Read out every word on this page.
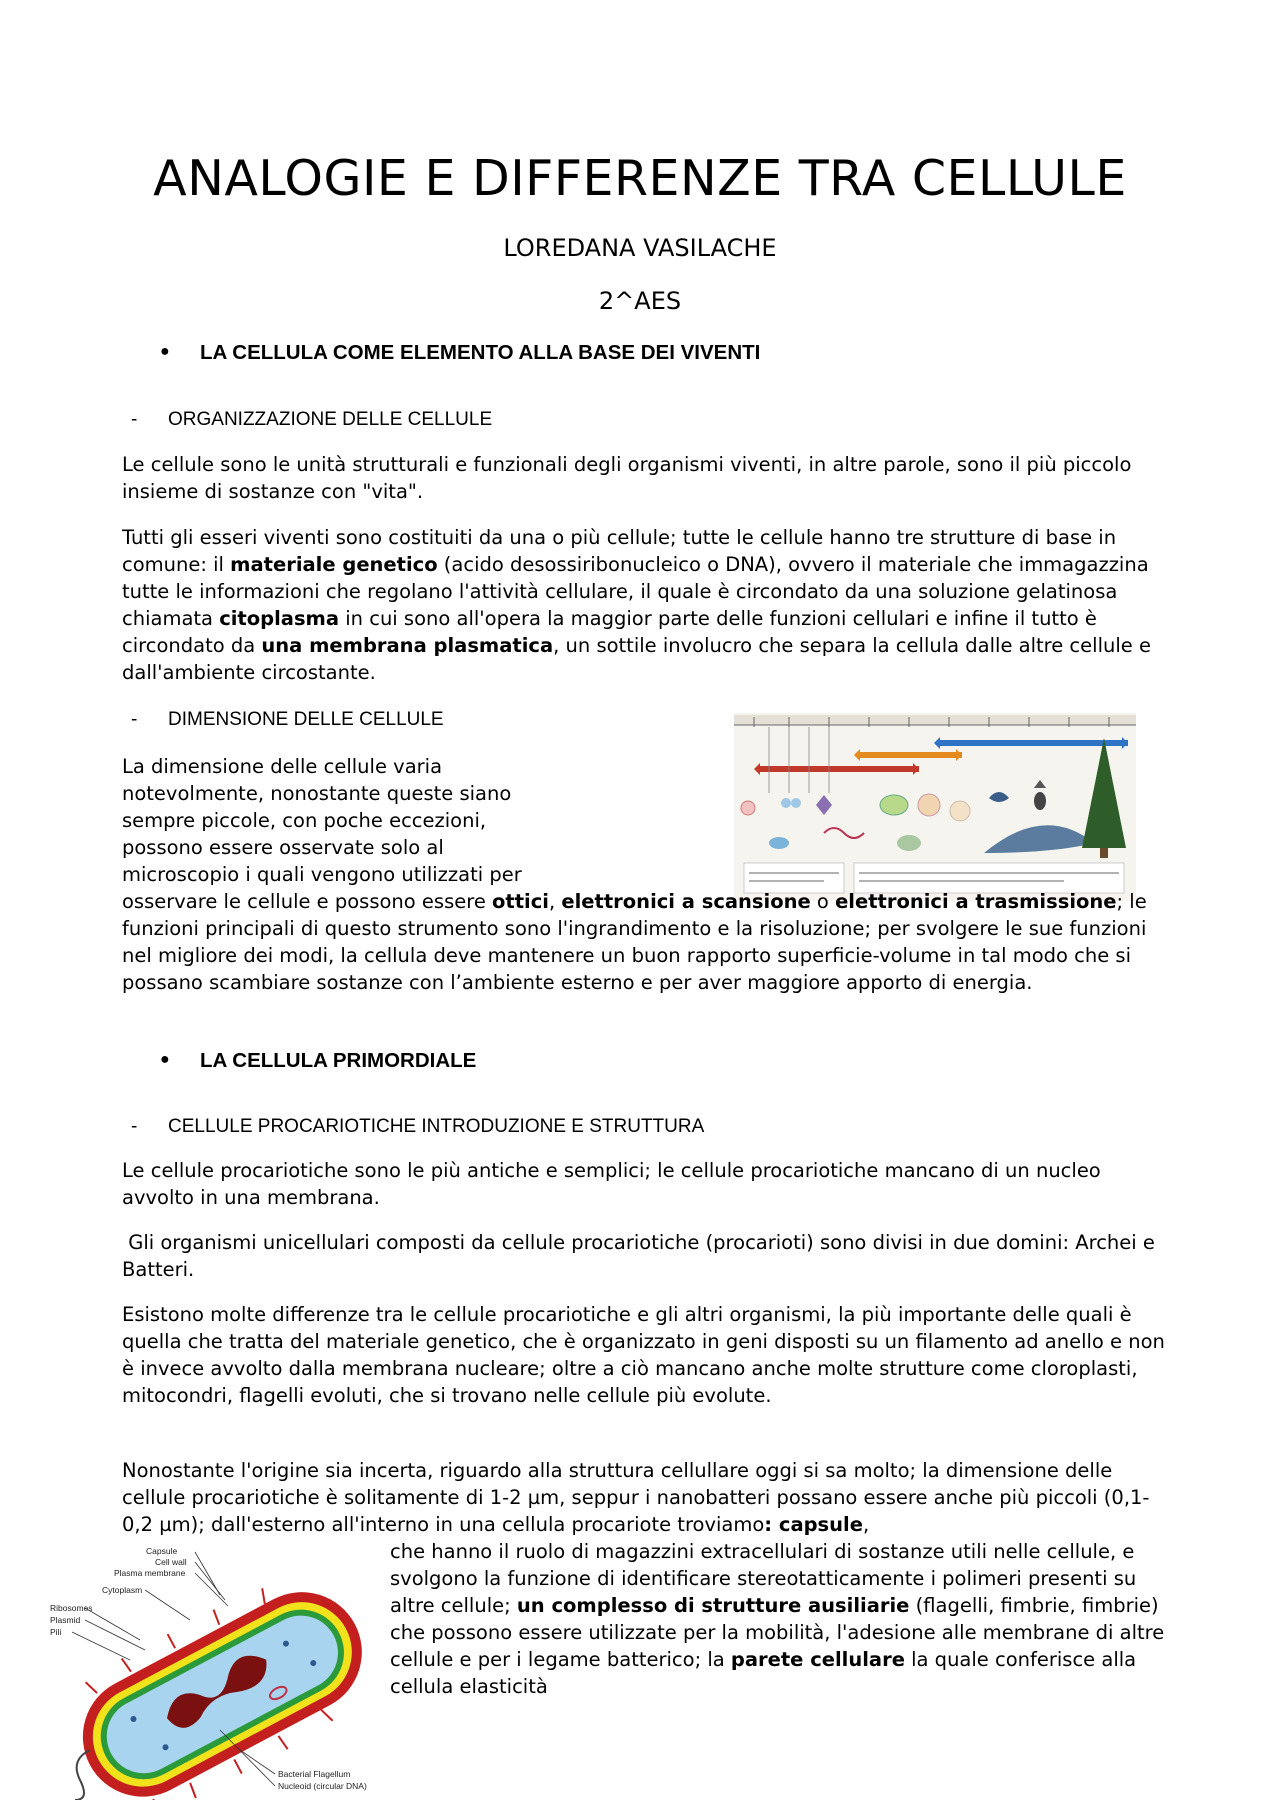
ANALOGIE E DIFFERENZE TRA CELLULE
LOREDANA VASILACHE
2^AES
● LA CELLULA COME ELEMENTO ALLA BASE DEI VIVENTI
- ORGANIZZAZIONE DELLE CELLULE

Le cellule sono le unità strutturali e funzionali degli organismi viventi, in altre parole, sono il più piccolo insieme di sostanze con "vita".

Tutti gli esseri viventi sono costituiti da una o più cellule; tutte le cellule hanno tre strutture di base in comune: il materiale genetico (acido desossiribonucleico o DNA), ovvero il materiale che immagazzina tutte le informazioni che regolano l'attività cellulare, il quale è circondato da una soluzione gelatinosa chiamata citoplasma in cui sono all'opera la maggior parte delle funzioni cellulari e infine il tutto è circondato da una membrana plasmatica, un sottile involucro che separa la cellula dalle altre cellule e dall'ambiente circostante.

- DIMENSIONE DELLE CELLULE

La dimensione delle cellule varia notevolmente, nonostante queste siano sempre piccole, con poche eccezioni, possono essere osservate solo al microscopio i quali vengono utilizzati per osservare le cellule e possono essere ottici, elettronici a scansione o elettronici a trasmissione; le funzioni principali di questo strumento sono l'ingrandimento e la risoluzione; per svolgere le sue funzioni nel migliore dei modi, la cellula deve mantenere un buon rapporto superficie-volume in tal modo che si possano scambiare sostanze con l’ambiente esterno e per aver maggiore apporto di energia.

● LA CELLULA PRIMORDIALE
- CELLULE PROCARIOTICHE INTRODUZIONE E STRUTTURA

Le cellule procariotiche sono le più antiche e semplici; le cellule procariotiche mancano di un nucleo avvolto in una membrana.

Gli organismi unicellulari composti da cellule procariotiche (procarioti) sono divisi in due domini: Archei e Batteri.

Esistono molte differenze tra le cellule procariotiche e gli altri organismi, la più importante delle quali è quella che tratta del materiale genetico, che è organizzato in geni disposti su un filamento ad anello e non è invece avvolto dalla membrana nucleare; oltre a ciò mancano anche molte strutture come cloroplasti, mitocondri, flagelli evoluti, che si trovano nelle cellule più evolute.

Nonostante l'origine sia incerta, riguardo alla struttura cellullare oggi si sa molto; la dimensione delle cellule procariotiche è solitamente di 1-2 µm, seppur i nanobatteri possano essere anche più piccoli (0,1-0,2 µm); dall'esterno all'interno in una cellula procariote troviamo: capsule,

che hanno il ruolo di magazzini extracellulari di sostanze utili nelle cellule, e svolgono la funzione di identificare stereotatticamente i polimeri presenti su altre cellule; un complesso di strutture ausiliarie (flagelli, fimbrie, fimbrie) che possono essere utilizzate per la mobilità, l'adesione alle membrane di altre cellule e per i legame batterico; la parete cellulare la quale conferisce alla cellula elasticità

Capsule
Cell wall
Plasma membrane
Cytoplasm
Ribosomes
Plasmid
Pili
Bacterial Flagellum
Nucleoid (circular DNA)
